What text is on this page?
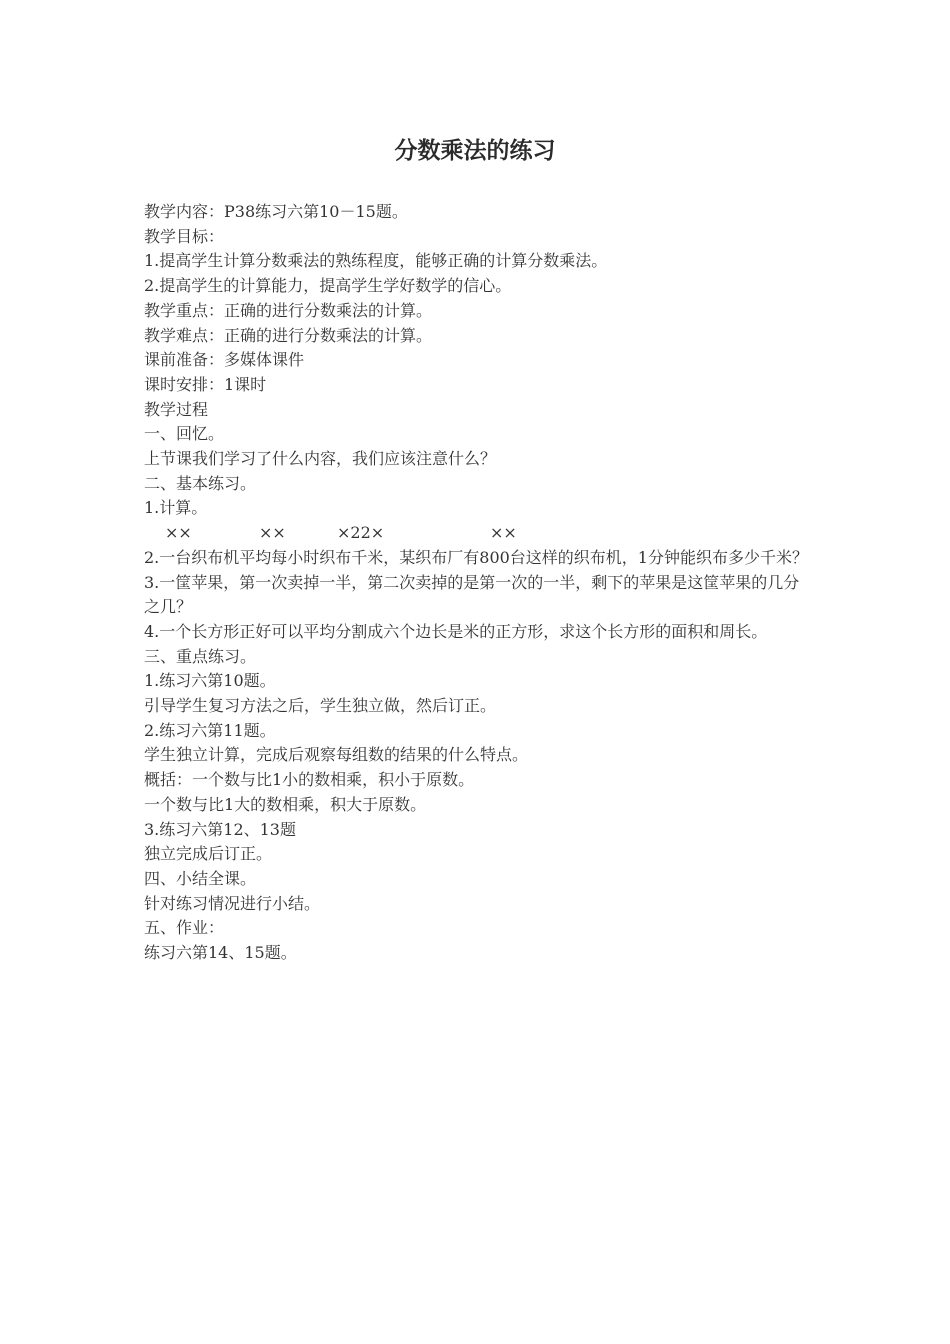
分数乘法的练习

教学内容：P38练习六第10－15题。

教学目标：

1.提高学生计算分数乘法的熟练程度，能够正确的计算分数乘法。

2.提高学生的计算能力，提高学生学好数学的信心。

教学重点：正确的进行分数乘法的计算。

教学难点：正确的进行分数乘法的计算。

课前准备：多媒体课件

课时安排：1课时

教学过程

一、回忆。

上节课我们学习了什么内容，我们应该注意什么？

二、基本练习。

1.计算。

××	××	×22×	××

2.一台织布机平均每小时织布千米，某织布厂有800台这样的织布机，1分钟能织布多少千米？

3.一筐苹果，第一次卖掉一半，第二次卖掉的是第一次的一半，剩下的苹果是这筐苹果的几分之几？

4.一个长方形正好可以平均分割成六个边长是米的正方形，求这个长方形的面积和周长。

三、重点练习。

1.练习六第10题。

引导学生复习方法之后，学生独立做，然后订正。

2.练习六第11题。

学生独立计算，完成后观察每组数的结果的什么特点。

概括：一个数与比1小的数相乘，积小于原数。

一个数与比1大的数相乘，积大于原数。

3.练习六第12、13题

独立完成后订正。

四、小结全课。

针对练习情况进行小结。

五、作业：

练习六第14、15题。
